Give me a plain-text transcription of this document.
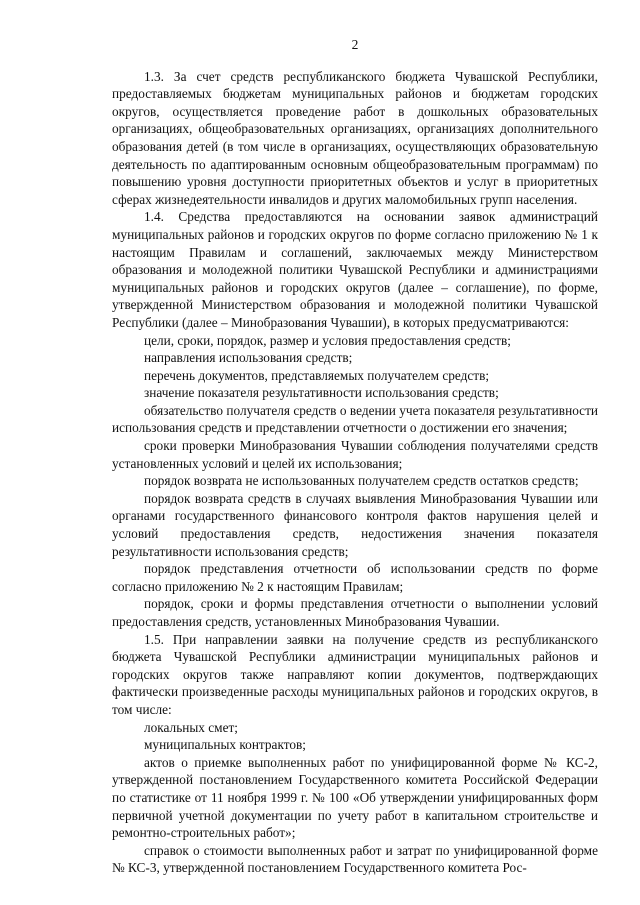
2

1.3. За счет средств республиканского бюджета Чувашской Республики, предоставляемых бюджетам муниципальных районов и бюджетам городских округов, осуществляется проведение работ в дошкольных образовательных организациях, общеобразовательных организациях, организациях дополнительного образования детей (в том числе в организациях, осуществляющих образовательную деятельность по адаптированным основным общеобразовательным программам) по повышению уровня доступности приоритетных объектов и услуг в приоритетных сферах жизнедеятельности инвалидов и других маломобильных групп населения.

1.4. Средства предоставляются на основании заявок администраций муниципальных районов и городских округов по форме согласно приложению № 1 к настоящим Правилам и соглашений, заключаемых между Министерством образования и молодежной политики Чувашской Республики и администрациями муниципальных районов и городских округов (далее – соглашение), по форме, утвержденной Министерством образования и молодежной политики Чувашской Республики (далее – Минобразования Чувашии), в которых предусматриваются:

цели, сроки, порядок, размер и условия предоставления средств;

направления использования средств;

перечень документов, представляемых получателем средств;

значение показателя результативности использования средств;

обязательство получателя средств о ведении учета показателя результативности использования средств и представлении отчетности о достижении его значения;

сроки проверки Минобразования Чувашии соблюдения получателями средств установленных условий и целей их использования;

порядок возврата не использованных получателем средств остатков средств;

порядок возврата средств в случаях выявления Минобразования Чувашии или органами государственного финансового контроля фактов нарушения целей и условий предоставления средств, недостижения значения показателя результативности использования средств;

порядок представления отчетности об использовании средств по форме согласно приложению № 2 к настоящим Правилам;

порядок, сроки и формы представления отчетности о выполнении условий предоставления средств, установленных Минобразования Чувашии.

1.5. При направлении заявки на получение средств из республиканского бюджета Чувашской Республики администрации муниципальных районов и городских округов также направляют копии документов, подтверждающих фактически произведенные расходы муниципальных районов и городских округов, в том числе:

локальных смет;

муниципальных контрактов;

актов о приемке выполненных работ по унифицированной форме № КС-2, утвержденной постановлением Государственного комитета Российской Федерации по статистике от 11 ноября 1999 г. № 100 «Об утверждении унифицированных форм первичной учетной документации по учету работ в капитальном строительстве и ремонтно-строительных работ»;

справок о стоимости выполненных работ и затрат по унифицированной форме № КС-3, утвержденной постановлением Государственного комитета Рос-
